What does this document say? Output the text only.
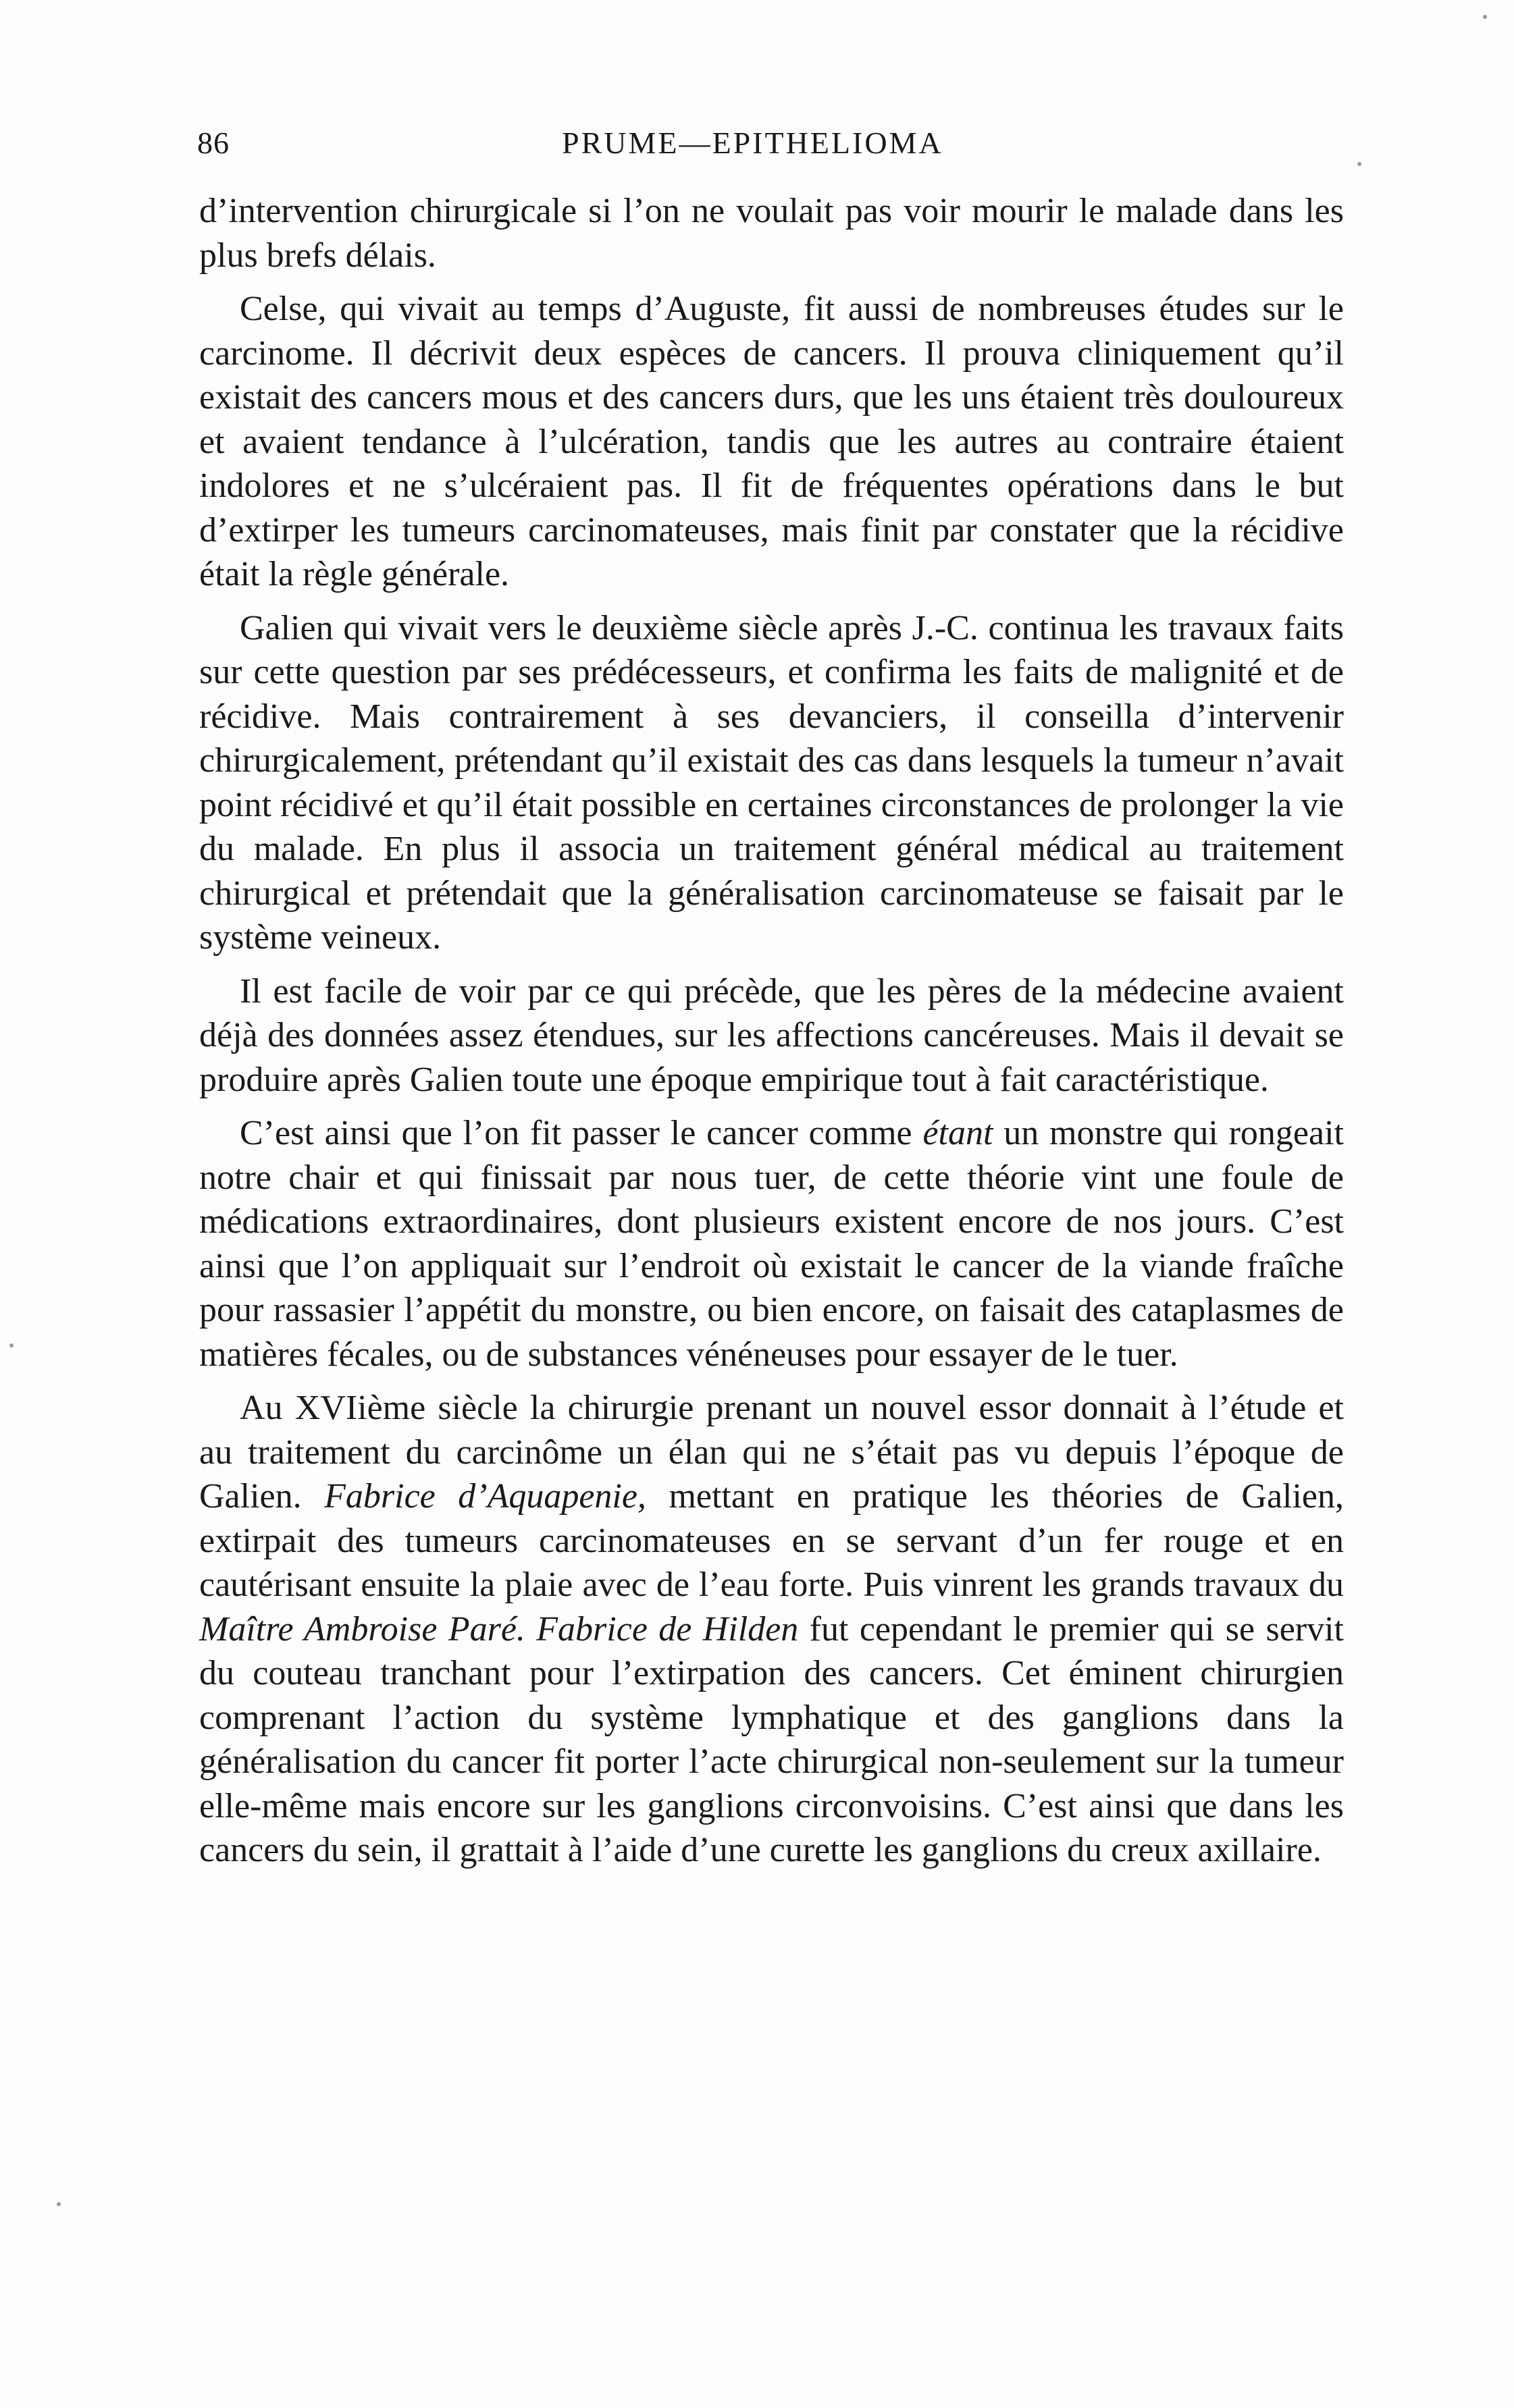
86	PRUME—EPITHELIOMA

d’intervention chirurgicale si l’on ne voulait pas voir mourir le malade dans les plus brefs délais.

Celse, qui vivait au temps d’Auguste, fit aussi de nombreuses études sur le carcinome. Il décrivit deux espèces de cancers. Il prouva cliniquement qu’il existait des cancers mous et des cancers durs, que les uns étaient très douloureux et avaient tendance à l’ulcération, tandis que les autres au contraire étaient indolores et ne s’ulcéraient pas. Il fit de fréquentes opérations dans le but d’extirper les tumeurs carcinomateuses, mais finit par constater que la récidive était la règle générale.

Galien qui vivait vers le deuxième siècle après J.-C. continua les travaux faits sur cette question par ses prédécesseurs, et confirma les faits de malignité et de récidive. Mais contrairement à ses devanciers, il conseilla d’intervenir chirurgicalement, prétendant qu’il existait des cas dans lesquels la tumeur n’avait point récidivé et qu’il était possible en certaines circonstances de prolonger la vie du malade. En plus il associa un traitement général médical au traitement chirurgical et prétendait que la généralisation carcinomateuse se faisait par le système veineux.

Il est facile de voir par ce qui précède, que les pères de la médecine avaient déjà des données assez étendues, sur les affections cancéreuses. Mais il devait se produire après Galien toute une époque empirique tout à fait caractéristique.

C’est ainsi que l’on fit passer le cancer comme étant un monstre qui rongeait notre chair et qui finissait par nous tuer, de cette théorie vint une foule de médications extraordinaires, dont plusieurs existent encore de nos jours. C’est ainsi que l’on appliquait sur l’endroit où existait le cancer de la viande fraîche pour rassasier l’appétit du monstre, ou bien encore, on faisait des cataplasmes de matières fécales, ou de substances vénéneuses pour essayer de le tuer.

Au XVIième siècle la chirurgie prenant un nouvel essor donnait à l’étude et au traitement du carcinôme un élan qui ne s’était pas vu depuis l’époque de Galien. Fabrice d’Aquapenie, mettant en pratique les théories de Galien, extirpait des tumeurs carcinomateuses en se servant d’un fer rouge et en cautérisant ensuite la plaie avec de l’eau forte. Puis vinrent les grands travaux du Maître Ambroise Paré. Fabrice de Hilden fut cependant le premier qui se servit du couteau tranchant pour l’extirpation des cancers. Cet éminent chirurgien comprenant l’action du système lymphatique et des ganglions dans la généralisation du cancer fit porter l’acte chirurgical non-seulement sur la tumeur elle-même mais encore sur les ganglions circonvoisins. C’est ainsi que dans les cancers du sein, il grattait à l’aide d’une curette les ganglions du creux axillaire.
